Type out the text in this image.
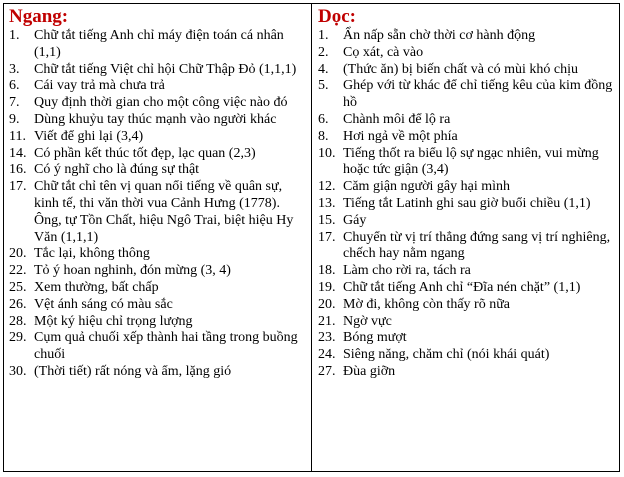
Ngang:
1.	Chữ tắt tiếng Anh chỉ máy điện toán cá nhân (1,1)
3.	Chữ tắt tiếng Việt chỉ hội Chữ Thập Đỏ (1,1,1)
6.	Cái vay trả mà chưa trả
7.	Quy định thời gian cho một công việc nào đó
9.	Dùng khuỷu tay thúc mạnh vào người khác
11. Viết để ghi lại (3,4)
14. Có phần kết thúc tốt đẹp, lạc quan (2,3)
16. Có ý nghĩ cho là đúng sự thật
17. Chữ tắt chỉ tên vị quan nổi tiếng về quân sự, kinh tế, thi văn thời vua Cảnh Hưng (1778). Ông, tự Tồn Chất, hiệu Ngô Trai, biệt hiệu Hy Văn (1,1,1)
20. Tắc lại, không thông
22. Tỏ ý hoan nghinh, đón mừng (3, 4)
25. Xem thường, bất chấp
26. Vệt ánh sáng có màu sắc
28. Một ký hiệu chỉ trọng lượng
29. Cụm quả chuối xếp thành hai tầng trong buồng chuối
30. (Thời tiết) rất nóng và ẩm, lặng gió
Dọc:
1.	Ẩn nấp sẵn chờ thời cơ hành động
2.	Cọ xát, cà vào
4.	(Thức ăn) bị biến chất và có mùi khó chịu
5.	Ghép với từ khác để chỉ tiếng kêu của kim đồng hồ
6.	Chành môi để lộ ra
8.	Hơi ngả về một phía
10. Tiếng thốt ra biểu lộ sự ngạc nhiên, vui mừng hoặc tức giận (3,4)
12. Căm giận người gây hại mình
13. Tiếng tắt Latinh ghi sau giờ buổi chiều (1,1)
15. Gáy
17. Chuyển từ vị trí thẳng đứng sang vị trí nghiêng, chếch hay nằm ngang
18. Làm cho rời ra, tách ra
19. Chữ tắt tiếng Anh chỉ “Đĩa nén chặt” (1,1)
20. Mờ đi, không còn thấy rõ nữa
21. Ngờ vực
23. Bóng mượt
24. Siêng năng, chăm chỉ (nói khái quát)
27. Đùa giỡn
